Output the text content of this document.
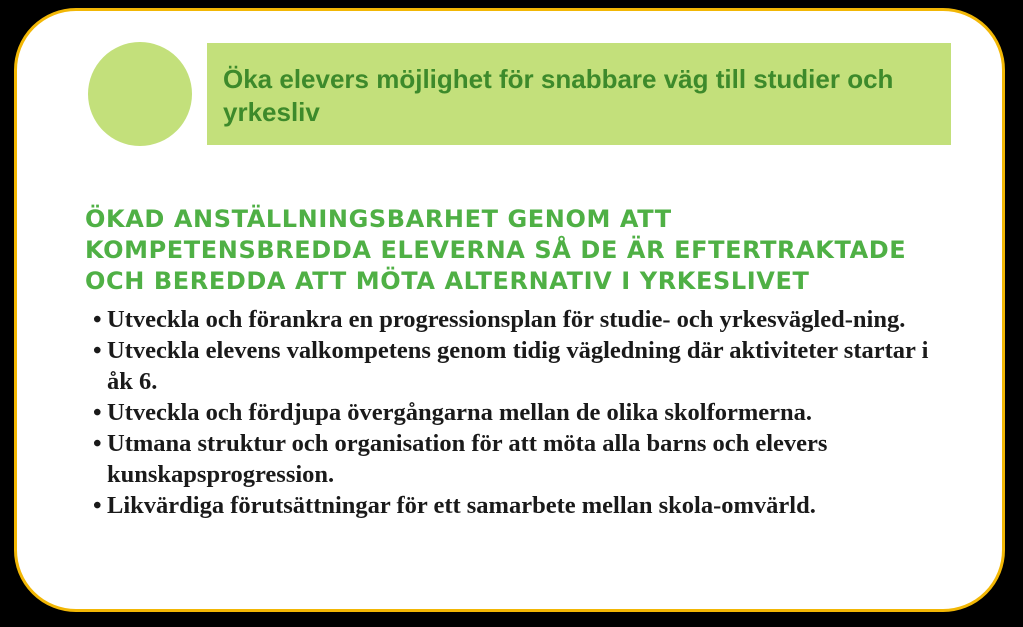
Öka elevers möjlighet för snabbare väg till studier och yrkesliv
ÖKAD ANSTÄLLNINGSBARHET GENOM ATT KOMPETENSBREDDA ELEVERNA SÅ DE ÄR EFTERTRAKTADE OCH BEREDDA ATT MÖTA ALTERNATIV I YRKESLIVET
• Utveckla och förankra en progressionsplan för studie- och yrkesvägled-ning.
• Utveckla elevens valkompetens genom tidig vägledning där aktiviteter startar i åk 6.
• Utveckla och fördjupa övergångarna mellan de olika skolformerna.
• Utmana struktur och organisation för att möta alla barns och elevers kunskapsprogression.
• Likvärdiga förutsättningar för ett samarbete mellan skola-omvärld.
